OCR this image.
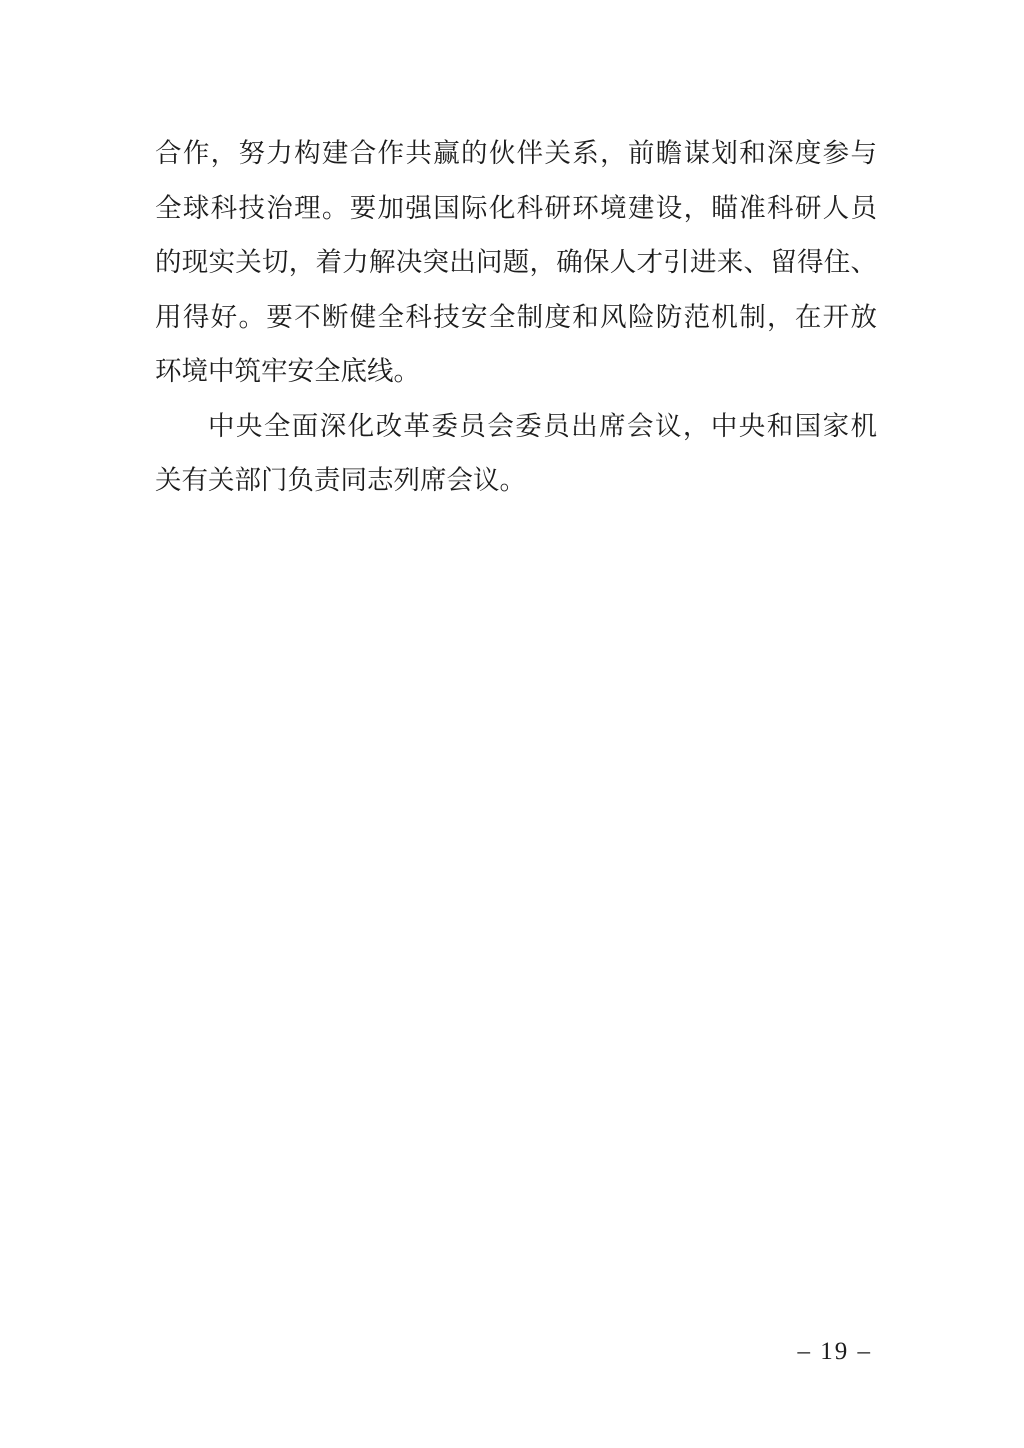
合作，努力构建合作共赢的伙伴关系，前瞻谋划和深度参与
全球科技治理。要加强国际化科研环境建设，瞄准科研人员
的现实关切，着力解决突出问题，确保人才引进来、留得住、
用得好。要不断健全科技安全制度和风险防范机制，在开放
环境中筑牢安全底线。
中央全面深化改革委员会委员出席会议，中央和国家机
关有关部门负责同志列席会议。
– 19 –
